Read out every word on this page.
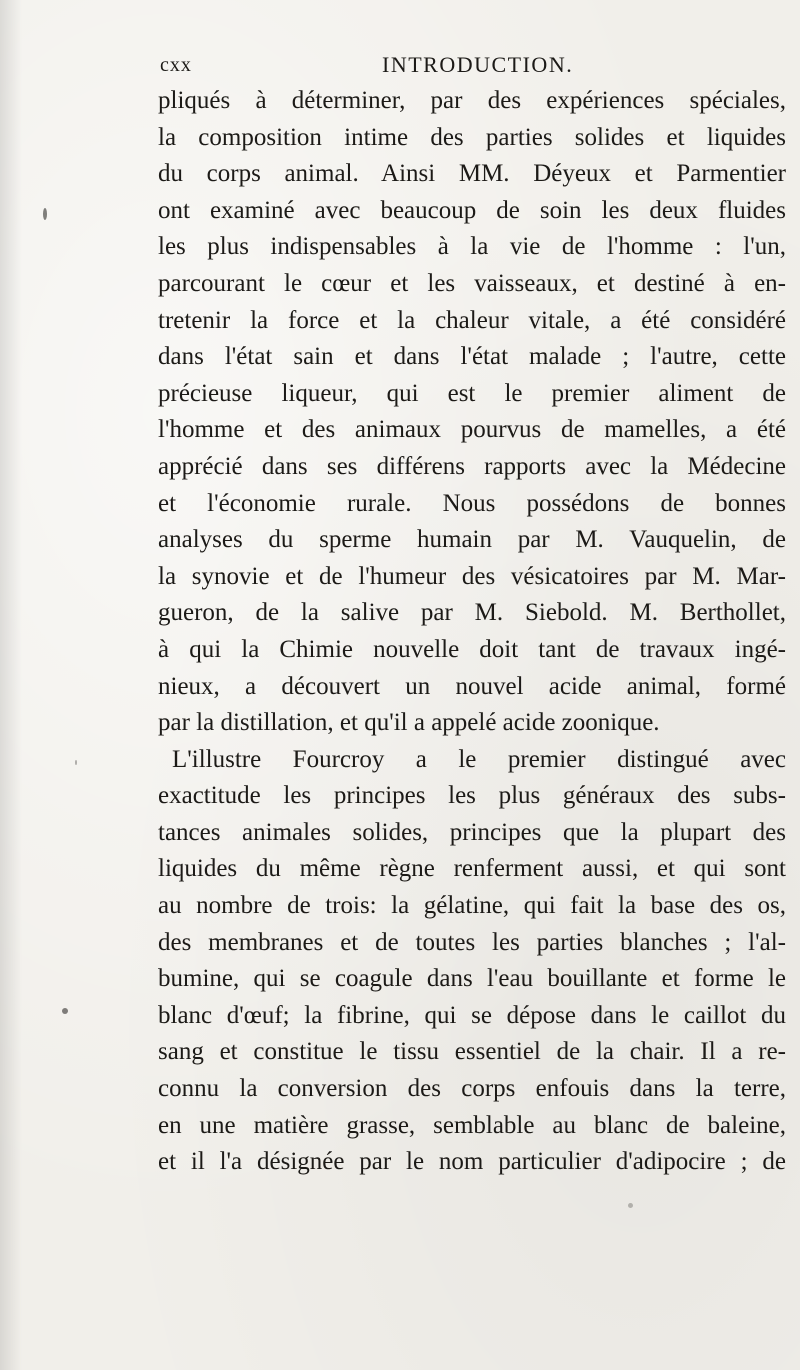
cxx	INTRODUCTION.
pliqués à déterminer, par des expériences spéciales,
la composition intime des parties solides et liquides
du corps animal. Ainsi MM. Déyeux et Parmentier
ont examiné avec beaucoup de soin les deux fluides
les plus indispensables à la vie de l'homme : l'un,
parcourant le cœur et les vaisseaux, et destiné à en-
tretenir la force et la chaleur vitale, a été considéré
dans l'état sain et dans l'état malade ; l'autre, cette
précieuse liqueur, qui est le premier aliment de
l'homme et des animaux pourvus de mamelles, a été
apprécié dans ses différens rapports avec la Médecine
et l'économie rurale. Nous possédons de bonnes
analyses du sperme humain par M. Vauquelin, de
la synovie et de l'humeur des vésicatoires par M. Mar-
gueron, de la salive par M. Siebold. M. Berthollet,
à qui la Chimie nouvelle doit tant de travaux ingé-
nieux, a découvert un nouvel acide animal, formé
par la distillation, et qu'il a appelé acide zoonique.
L'illustre Fourcroy a le premier distingué avec
exactitude les principes les plus généraux des subs-
tances animales solides, principes que la plupart des
liquides du même règne renferment aussi, et qui sont
au nombre de trois: la gélatine, qui fait la base des os,
des membranes et de toutes les parties blanches ; l'al-
bumine, qui se coagule dans l'eau bouillante et forme le
blanc d'œuf; la fibrine, qui se dépose dans le caillot du
sang et constitue le tissu essentiel de la chair. Il a re-
connu la conversion des corps enfouis dans la terre,
en une matière grasse, semblable au blanc de baleine,
et il l'a désignée par le nom particulier d'adipocire ; de
